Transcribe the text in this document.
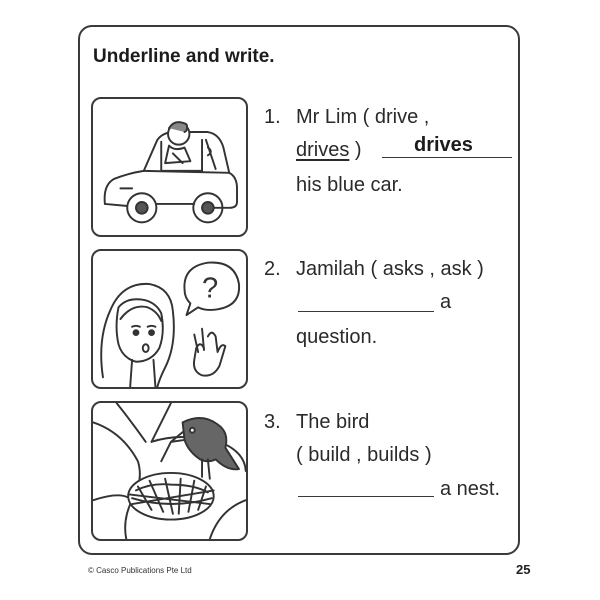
Underline and write.
?
1. Mr Lim ( drive ,
drives )	drives
his blue car.
2. Jamilah ( asks , ask )
a
question.
3. The bird
( build , builds )
a nest.
© Casco Publications Pte Ltd	25
